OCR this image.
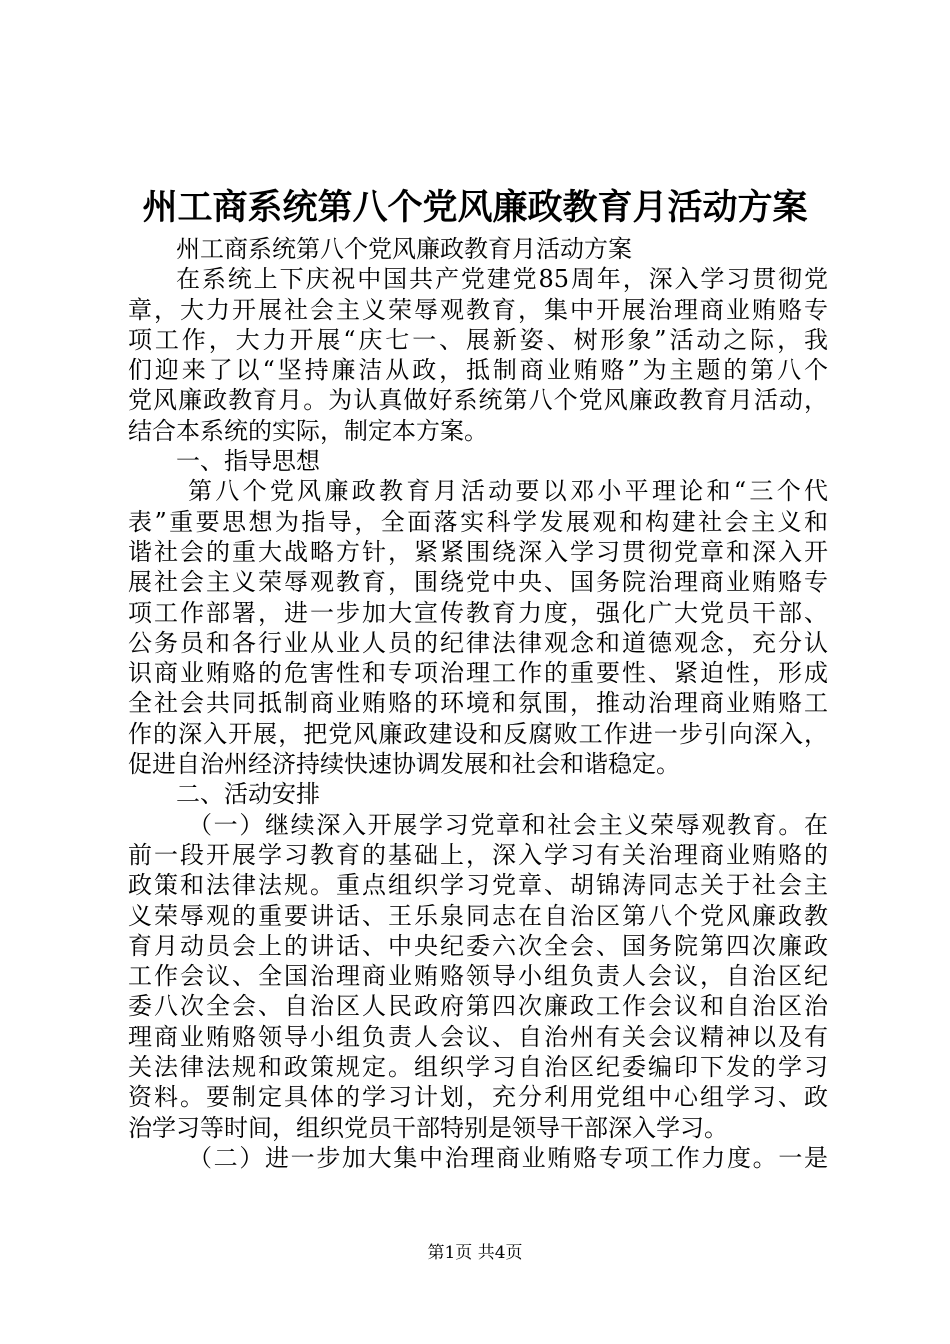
州工商系统第八个党风廉政教育月活动方案
州工商系统第八个党风廉政教育月活动方案
在系统上下庆祝中国共产党建党85周年，深入学习贯彻党
章，大力开展社会主义荣辱观教育，集中开展治理商业贿赂专
项工作，大力开展“庆七一、展新姿、树形象”活动之际，我
们迎来了以“坚持廉洁从政，抵制商业贿赂”为主题的第八个
党风廉政教育月。为认真做好系统第八个党风廉政教育月活动，
结合本系统的实际，制定本方案。
一、指导思想
第八个党风廉政教育月活动要以邓小平理论和“三个代
表”重要思想为指导，全面落实科学发展观和构建社会主义和
谐社会的重大战略方针，紧紧围绕深入学习贯彻党章和深入开
展社会主义荣辱观教育，围绕党中央、国务院治理商业贿赂专
项工作部署，进一步加大宣传教育力度，强化广大党员干部、
公务员和各行业从业人员的纪律法律观念和道德观念，充分认
识商业贿赂的危害性和专项治理工作的重要性、紧迫性，形成
全社会共同抵制商业贿赂的环境和氛围，推动治理商业贿赂工
作的深入开展，把党风廉政建设和反腐败工作进一步引向深入，
促进自治州经济持续快速协调发展和社会和谐稳定。
二、活动安排
（一）继续深入开展学习党章和社会主义荣辱观教育。在
前一段开展学习教育的基础上，深入学习有关治理商业贿赂的
政策和法律法规。重点组织学习党章、胡锦涛同志关于社会主
义荣辱观的重要讲话、王乐泉同志在自治区第八个党风廉政教
育月动员会上的讲话、中央纪委六次全会、国务院第四次廉政
工作会议、全国治理商业贿赂领导小组负责人会议，自治区纪
委八次全会、自治区人民政府第四次廉政工作会议和自治区治
理商业贿赂领导小组负责人会议、自治州有关会议精神以及有
关法律法规和政策规定。组织学习自治区纪委编印下发的学习
资料。要制定具体的学习计划，充分利用党组中心组学习、政
治学习等时间，组织党员干部特别是领导干部深入学习。
（二）进一步加大集中治理商业贿赂专项工作力度。一是
第1页 共4页
